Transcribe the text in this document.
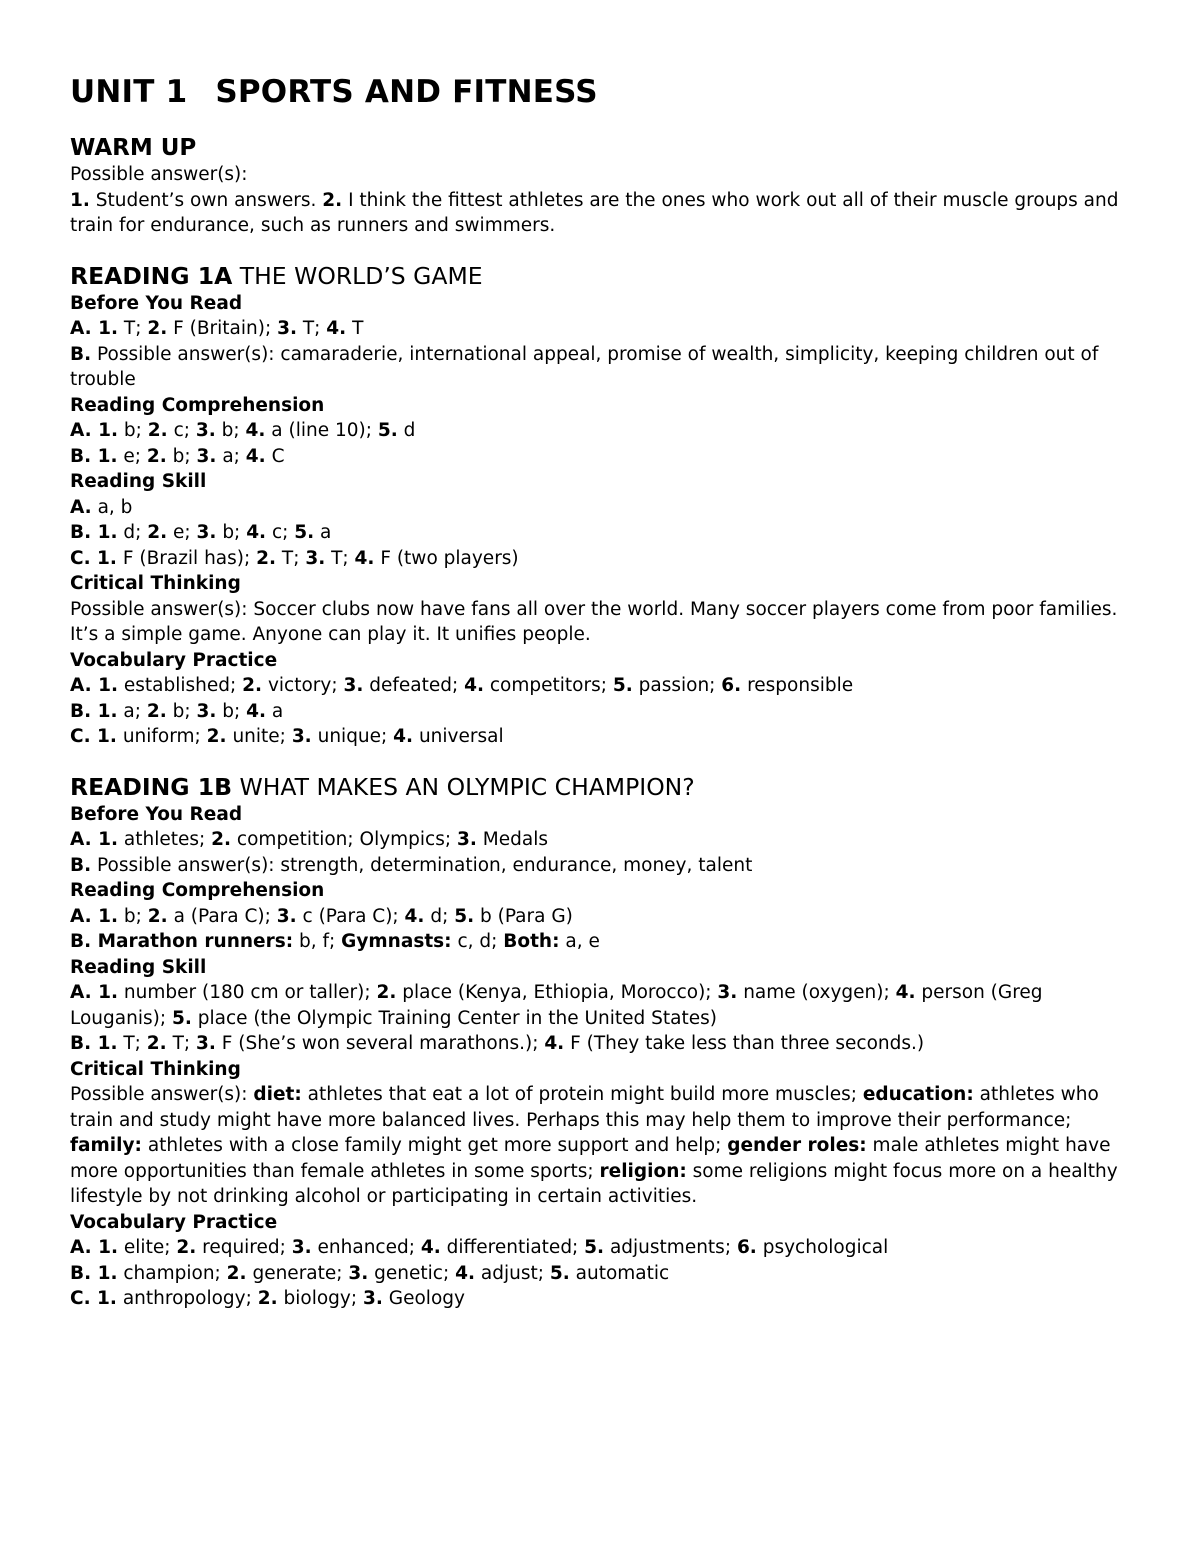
UNIT 1 SPORTS AND FITNESS
WARM UP

Possible answer(s):

1. Student’s own answers. 2. I think the fittest athletes are the ones who work out all of their muscle groups and train for endurance, such as runners and swimmers.

READING 1A THE WORLD’S GAME

Before You Read

A. 1. T; 2. F (Britain); 3. T; 4. T

B. Possible answer(s): camaraderie, international appeal, promise of wealth, simplicity, keeping children out of trouble

Reading Comprehension

A. 1. b; 2. c; 3. b; 4. a (line 10); 5. d

B. 1. e; 2. b; 3. a; 4. C

Reading Skill

A. a, b

B. 1. d; 2. e; 3. b; 4. c; 5. a

C. 1. F (Brazil has); 2. T; 3. T; 4. F (two players)

Critical Thinking

Possible answer(s): Soccer clubs now have fans all over the world. Many soccer players come from poor families. It’s a simple game. Anyone can play it. It unifies people.

Vocabulary Practice

A. 1. established; 2. victory; 3. defeated; 4. competitors; 5. passion; 6. responsible

B. 1. a; 2. b; 3. b; 4. a

C. 1. uniform; 2. unite; 3. unique; 4. universal

READING 1B WHAT MAKES AN OLYMPIC CHAMPION?

Before You Read

A. 1. athletes; 2. competition; Olympics; 3. Medals

B. Possible answer(s): strength, determination, endurance, money, talent

Reading Comprehension

A. 1. b; 2. a (Para C); 3. c (Para C); 4. d; 5. b (Para G)

B. Marathon runners: b, f; Gymnasts: c, d; Both: a, e

Reading Skill

A. 1. number (180 cm or taller); 2. place (Kenya, Ethiopia, Morocco); 3. name (oxygen); 4. person (Greg Louganis); 5. place (the Olympic Training Center in the United States)

B. 1. T; 2. T; 3. F (She’s won several marathons.); 4. F (They take less than three seconds.)

Critical Thinking

Possible answer(s): diet: athletes that eat a lot of protein might build more muscles; education: athletes who train and study might have more balanced lives. Perhaps this may help them to improve their performance; family: athletes with a close family might get more support and help; gender roles: male athletes might have more opportunities than female athletes in some sports; religion: some religions might focus more on a healthy lifestyle by not drinking alcohol or participating in certain activities.

Vocabulary Practice

A. 1. elite; 2. required; 3. enhanced; 4. differentiated; 5. adjustments; 6. psychological

B. 1. champion; 2. generate; 3. genetic; 4. adjust; 5. automatic

C. 1. anthropology; 2. biology; 3. Geology
